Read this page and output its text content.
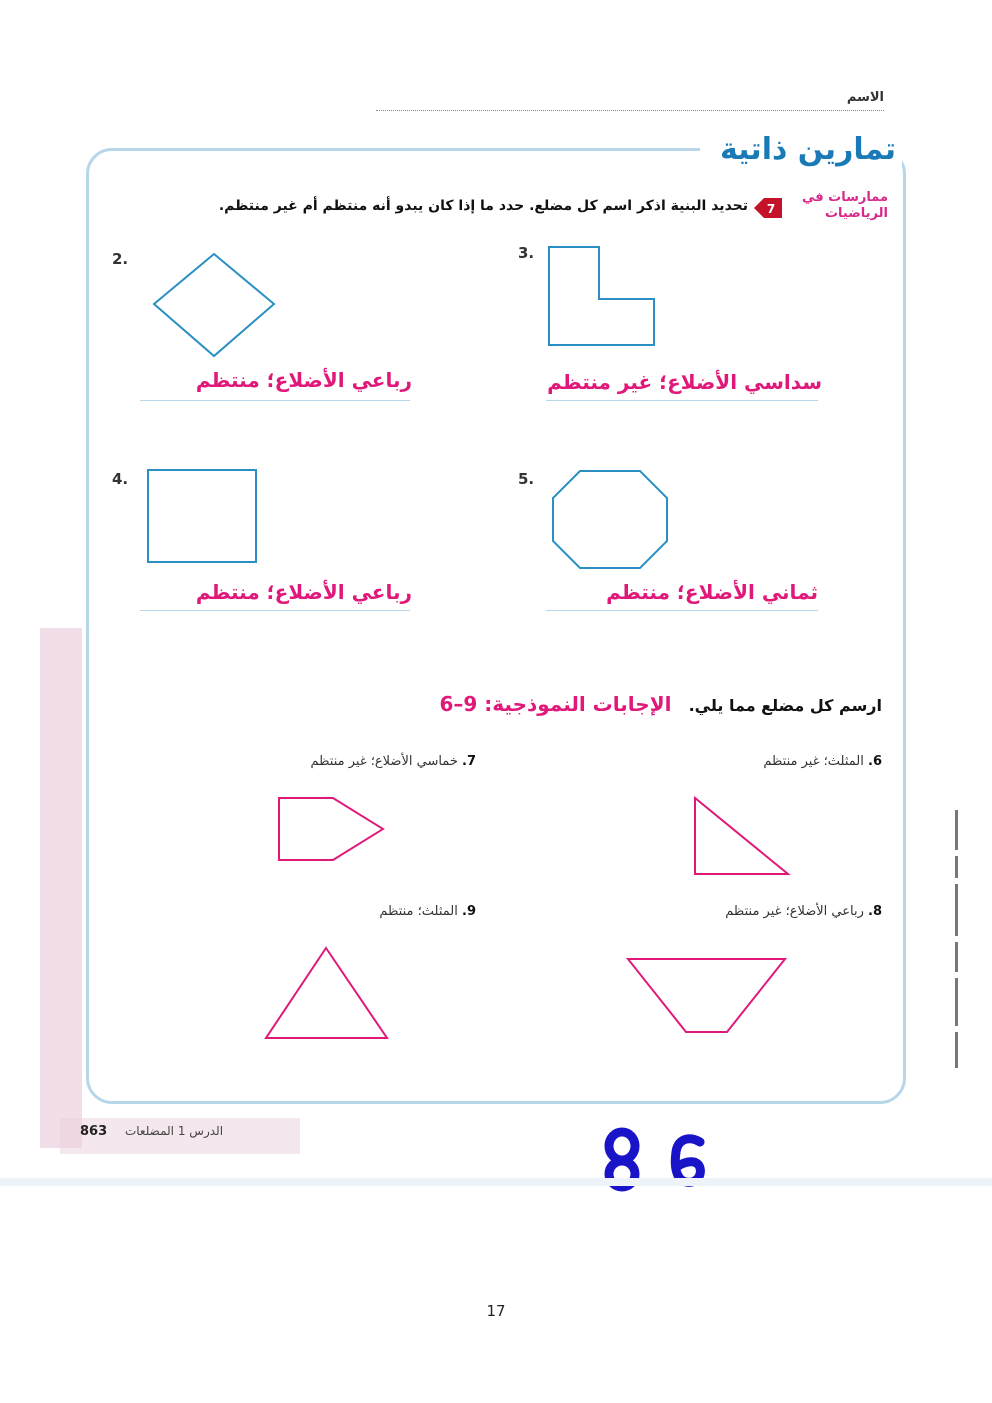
الاسم
تمارين ذاتية
ممارسات في الرياضيات
7
تحديد البنية اذكر اسم كل مضلع. حدد ما إذا كان يبدو أنه منتظم أم غير منتظم.
2.
رباعي الأضلاع؛ منتظم
3.
سداسي الأضلاع؛ غير منتظم
4.
رباعي الأضلاع؛ منتظم
5.
ثماني الأضلاع؛ منتظم
ارسم كل مضلع مما يلي. الإجابات النموذجية: 9–6
6. المثلث؛ غير منتظم
7. خماسي الأضلاع؛ غير منتظم
8. رباعي الأضلاع؛ غير منتظم
9. المثلث؛ منتظم
863 الدرس 1 المضلعات
17
